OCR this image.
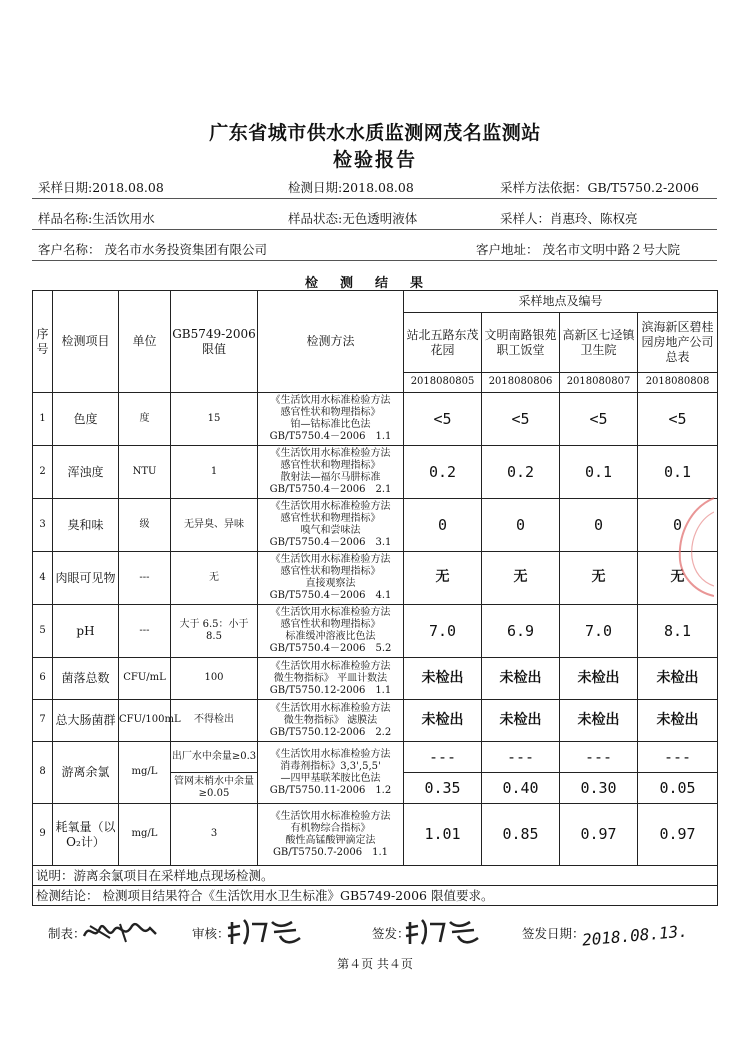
广东省城市供水水质监测网茂名监测站
检验报告
采样日期:2018.08.08	检测日期:2018.08.08	采样方法依据：GB/T5750.2-2006
样品名称:生活饮用水	样品状态:无色透明液体	采样人：肖惠玲、陈权亮
客户名称： 茂名市水务投资集团有限公司	客户地址： 茂名市文明中路２号大院
检测结果
序号	检测项目	单位	GB5749-2006 限值	检测方法	采样地点及编号			
					站北五路东茂花园	文明南路银苑职工饭堂	高新区七迳镇卫生院	滨海新区碧桂园房地产公司总表
					2018080805	2018080806	2018080807	2018080808
1	色度	度	15	《生活饮用水标准检验方法
感官性状和物理指标》
铂—钴标准比色法
GB/T5750.4－2006　1.1	<5	<5	<5	<5
2	浑浊度	NTU	1	《生活饮用水标准检验方法
感官性状和物理指标》
散射法—福尔马肼标准
GB/T5750.4－2006　2.1	0.2	0.2	0.1	0.1
3	臭和味	级	无异臭、异味	《生活饮用水标准检验方法
感官性状和物理指标》
嗅气和尝味法
GB/T5750.4－2006　3.1	0	0	0	0
4	肉眼可见物	---	无	《生活饮用水标准检验方法
感官性状和物理指标》
直接观察法
GB/T5750.4－2006　4.1	无	无	无	无
5	pH	---	大于 6.5：小于 8.5	《生活饮用水标准检验方法
感官性状和物理指标》
标准缓冲溶液比色法
GB/T5750.4－2006　5.2	7.0	6.9	7.0	8.1
6	菌落总数	CFU/mL	100	《生活饮用水标准检验方法
微生物指标》 平皿计数法
GB/T5750.12-2006　1.1	未检出	未检出	未检出	未检出
7	总大肠菌群	CFU/100mL	不得检出	《生活饮用水标准检验方法
微生物指标》 滤膜法
GB/T5750.12-2006　2.2	未检出	未检出	未检出	未检出
8	游离余氯	mg/L	出厂水中余量≥0.3	《生活饮用水标准检验方法
消毒剂指标》3,3',5,5'
—四甲基联苯胺比色法
GB/T5750.11-2006　1.2	---	---	---	---
			管网末梢水中余量≥0.05		0.35	0.40	0.30	0.05
9	耗氧量（以O₂计）	mg/L	3	《生活饮用水标准检验方法
有机物综合指标》
酸性高锰酸钾滴定法
GB/T5750.7-2006　1.1	1.01	0.85	0.97	0.97
说明：游离余氯项目在采样地点现场检测。								
检测结论： 检测项目结果符合《生活饮用水卫生标准》GB5749-2006 限值要求。								
制表：	审核：	签发：	签发日期：
2018.08.13.
第４页 共４页
